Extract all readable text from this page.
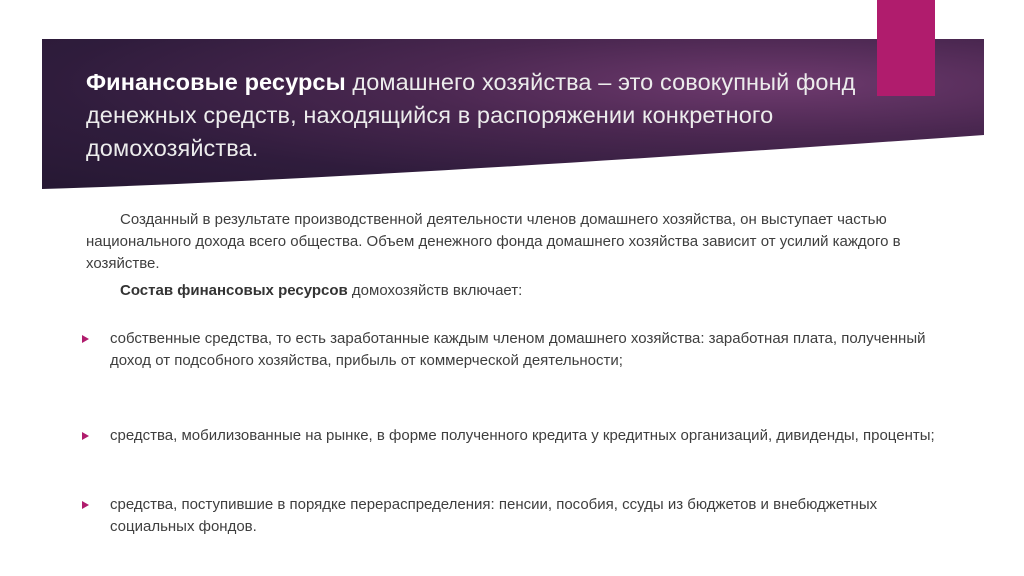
Финансовые ресурсы домашнего хозяйства – это совокупный фонд денежных средств, находящийся в распоряжении конкретного домохозяйства.
Созданный в результате производственной деятельности членов домашнего хозяйства, он выступает частью национального дохода всего общества. Объем денежного фонда домашнего хозяйства зависит от усилий каждого в хозяйстве.
Состав финансовых ресурсов домохозяйств включает:
собственные средства, то есть заработанные каждым членом домашнего хозяйства: заработная плата, полученный доход от подсобного хозяйства, прибыль от коммерческой деятельности;
средства, мобилизованные на рынке, в форме полученного кредита у кредитных организаций, дивиденды, проценты;
средства, поступившие в порядке перераспределения: пенсии, пособия, ссуды из бюджетов и внебюджетных социальных фондов.
